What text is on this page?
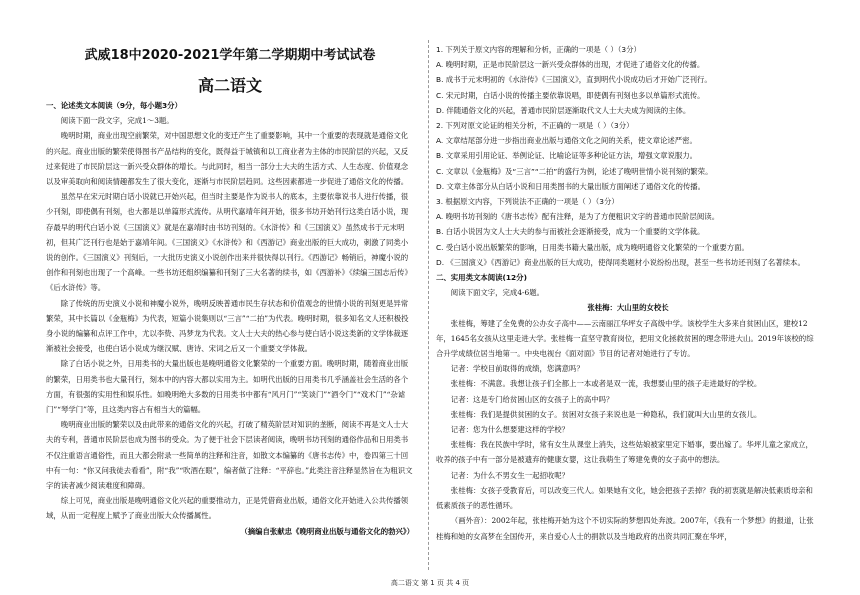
武威18中2020-2021学年第二学期期中考试试卷
高二语文

一、论述类文本阅读（9分，每小题3分）

阅读下面一段文字，完成1～3题。

晚明时期，商业出现空前繁荣，对中国思想文化的变迁产生了重要影响，其中一个重要的表现就是通俗文化的兴起。商业出版的繁荣使得图书产品结构的变化，既得益于城镇和以工商业者为主体的市民阶层的兴起，又反过来促进了市民阶层这一新兴受众群体的增长。与此同时，相当一部分士大夫的生活方式、人生态度、价值观念以及审美取向和阅读情趣都发生了很大变化，逐渐与市民阶层趋同。这些因素都进一步促进了通俗文化的传播。

虽然早在宋元时期白话小说就已开始兴起，但当时主要是作为说书人的底本，主要依靠说书人进行传播，很少刊刻，即使偶有刊刻，也大都是以单篇形式流传。从明代嘉靖年间开始，很多书坊开始刊行这类白话小说，现存最早的明代白话小说《三国演义》就是在嘉靖时由书坊刊刻的。《水浒传》和《三国演义》虽然成书于元末明初，但其广泛刊行也是始于嘉靖年间。《三国演义》《水浒传》和《西游记》商业出版的巨大成功，刺激了同类小说的创作。《三国演义》刊刻后，一大批历史演义小说创作出来并很快得以刊行。《西游记》畅销后，神魔小说的创作和刊刻也出现了一个高峰。一些书坊还组织编纂和刊刻了三大名著的续书，如《西游补》《续编三国志后传》《后水浒传》等。

除了传统的历史演义小说和神魔小说外，晚明反映普通市民生存状态和价值观念的世情小说的刊刻更是异常繁荣，其中长篇以《金瓶梅》为代表，短篇小说集则以“三言”“二拍”为代表。晚明时期，很多知名文人还积极投身小说的编纂和点评工作中，尤以李贽、冯梦龙为代表。文人士大夫的热心参与使白话小说这类新的文学体裁逐渐被社会接受，也使白话小说成为继汉赋、唐诗、宋词之后又一个重要文学体裁。

除了白话小说之外，日用类书的大量出版也是晚明通俗文化繁荣的一个重要方面。晚明时期，随着商业出版的繁荣，日用类书也大量刊行，刻本中的内容大都以实用为主。如明代出版的日用类书几乎涵盖社会生活的各个方面，有很强的实用性和娱乐性。如晚明绝大多数的日用类书中都有“风月门”“笑谈门”“酒令门”“戏术门”“杂谑门”“琴学门”等，且这类内容占有相当大的篇幅。

晚明商业出版的繁荣以及由此带来的通俗文化的兴起，打破了精英阶层对知识的垄断，阅读不再是文人士大夫的专利，普通市民阶层也成为图书的受众。为了便于社会下层读者阅读，晚明书坊刊刻的通俗作品和日用类书不仅注重语言通俗性，而且大都会附录一些简单的注释和注音，如散文本编纂的《唐书志传》中，卷四第三十回中有一句：“你又问我徒去看看”，附“我”“吹酒在眼”，编者做了注释：“平辞也。”此类注音注释显然旨在为粗识文字的读者减少阅读难度和障碍。

综上可见，商业出版是晚明通俗文化兴起的重要推动力，正是凭借商业出版，通俗文化开始进入公共传播领域，从而一定程度上赋予了商业出版大众传播属性。

（摘编自张献忠《晚明商业出版与通俗文化的勃兴》）

1. 下列关于原文内容的理解和分析，正确的一项是（ ）（3分）

A. 晚明时期，正是市民阶层这一新兴受众群体的出现，才促进了通俗文化的传播。

B. 成书于元末明初的《水浒传》《三国演义》，直到明代小说成功后才开始广泛刊行。

C. 宋元时期，白话小说的传播主要依靠说唱，即使偶有刊刻也多以单篇形式流传。

D. 伴随通俗文化的兴起，普通市民阶层逐渐取代文人士大夫成为阅读的主体。

2. 下列对原文论证的相关分析，不正确的一项是（ ）（3分）

A. 文章结尾部分进一步指出商业出版与通俗文化之间的关系，使文章论述严密。

B. 文章采用引用论证、举例论证、比喻论证等多种论证方法，增强文章说服力。

C. 文章以《金瓶梅》及“三言”“二拍”的盛行为例，论述了晚明世情小说刊刻的繁荣。

D. 文章主体部分从白话小说和日用类图书的大量出版方面阐述了通俗文化的传播。

3. 根据原文内容，下列说法不正确的一项是（ ）（3分）

A. 晚明书坊刊刻的《唐书志传》配有注释，是为了方便粗识文字的普通市民阶层阅读。

B. 白话小说因为文人士大夫的参与而被社会逐渐接受，成为一个重要的文学体裁。

C. 受白话小说出版繁荣的影响，日用类书籍大量出版，成为晚明通俗文化繁荣的一个重要方面。

D. 《三国演义》《西游记》商业出版的巨大成功，使得同类题材小说纷纷出现，甚至一些书坊还刊刻了名著续本。

二、实用类文本阅读(12分)

阅读下面文字，完成4-6题。

张桂梅：大山里的女校长

张桂梅，筹建了全免费的公办女子高中——云南丽江华坪女子高级中学。该校学生大多来自贫困山区，建校12年，1645名女孩从这里走进大学。张桂梅一直坚守教育岗位，把用文化拯救贫困的理念带进大山。2019年该校的综合升学成绩位居当地第一。中央电视台《面对面》节目的记者对她进行了专访。

记者：学校目前取得的成绩，您满意吗？

张桂梅：不满意。我想让孩子们全都上一本或者是双一流，我想要山里的孩子走进最好的学校。

记者：这是专门给贫困山区的女孩子上的高中吗？

张桂梅：我们是提供贫困的女子。贫困对女孩子来说也是一种隐私，我们就叫大山里的女孩儿。

记者：您为什么想要建这样的学校？

张桂梅：我在民族中学时，常有女生从课堂上消失，这些姑娘被家里定下婚事，要出嫁了。华坪儿童之家成立，收养的孩子中有一部分是被遗弃的健康女婴，这让我萌生了筹建免费的女子高中的想法。

记者：为什么不男女生一起招收呢？

张桂梅：女孩子受教育后，可以改变三代人。如果她有文化，她会把孩子丢掉？我的初衷就是解决低素质母亲和低素质孩子的恶性循环。

（画外音）：2002年起，张桂梅开始为这个不切实际的梦想四处奔波。2007年，《我有一个梦想》的报道，让张桂梅和她的女高梦在全国传开，来自爱心人士的捐款以及当地政府的出资共同汇聚在华坪，

高二语文 第 1 页 共 4 页
